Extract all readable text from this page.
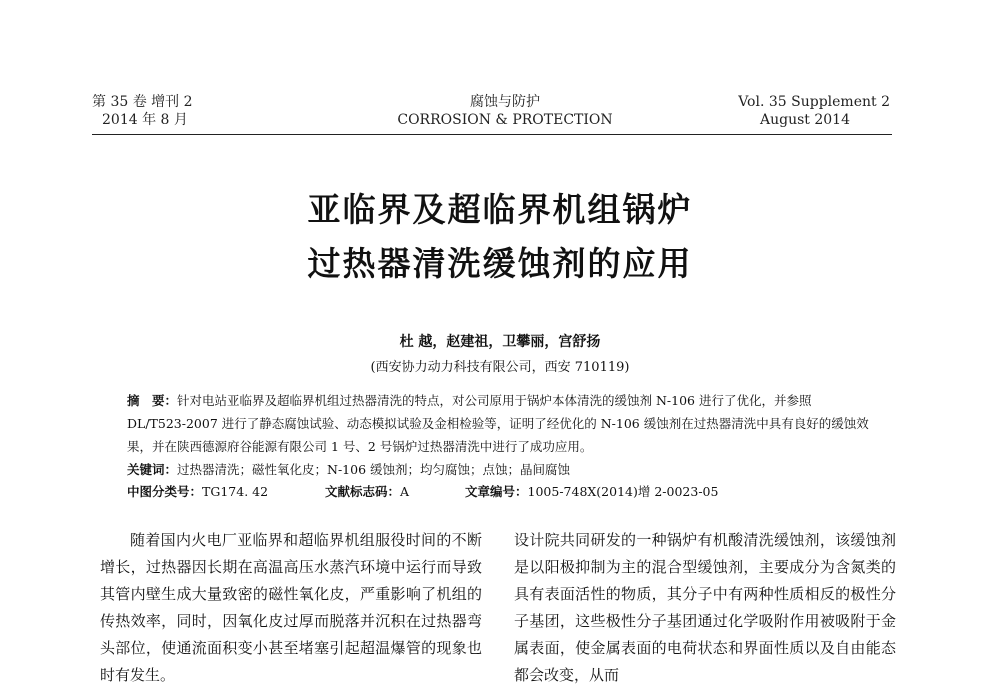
第 35 卷 增刊 2
2014 年 8 月
腐蚀与防护
CORROSION & PROTECTION
Vol. 35 Supplement 2
August 2014
亚临界及超临界机组锅炉
过热器清洗缓蚀剂的应用
杜 越，赵建祖，卫攀丽，宫舒扬
(西安协力动力科技有限公司，西安 710119)

摘　要：针对电站亚临界及超临界机组过热器清洗的特点，对公司原用于锅炉本体清洗的缓蚀剂 N-106 进行了优化，并参照 DL/T523-2007 进行了静态腐蚀试验、动态模拟试验及金相检验等，证明了经优化的 N-106 缓蚀剂在过热器清洗中具有良好的缓蚀效果，并在陕西德源府谷能源有限公司 1 号、2 号锅炉过热器清洗中进行了成功应用。

关键词：过热器清洗；磁性氧化皮；N-106 缓蚀剂；均匀腐蚀；点蚀；晶间腐蚀

中图分类号：TG174. 42	文献标志码：A	文章编号：1005-748X(2014)增 2-0023-05

随着国内火电厂亚临界和超临界机组服役时间的不断增长，过热器因长期在高温高压水蒸汽环境中运行而导致其管内壁生成大量致密的磁性氧化皮，严重影响了机组的传热效率，同时，因氧化皮过厚而脱落并沉积在过热器弯头部位，使通流面积变小甚至堵塞引起超温爆管的现象也时有发生。

设计院共同研发的一种锅炉有机酸清洗缓蚀剂，该缓蚀剂是以阳极抑制为主的混合型缓蚀剂，主要成分为含氮类的具有表面活性的物质，其分子中有两种性质相反的极性分子基团，这些极性分子基团通过化学吸附作用被吸附于金属表面，使金属表面的电荷状态和界面性质以及自由能态都会改变，从而
